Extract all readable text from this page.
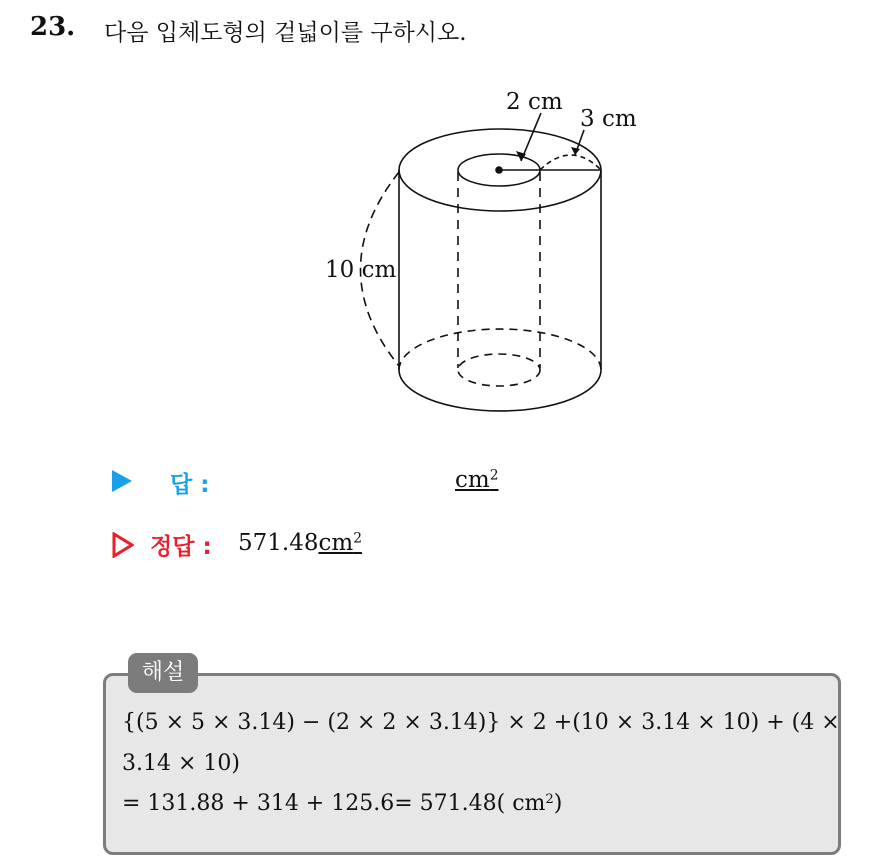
23. 다음 입체도형의 겉넓이를 구하시오.
2 cm
3 cm
10 cm
답 :	$cm^2$
정답 : $571.48cm^2$
해설
{(5 × 5 × 3.14) − (2 × 2 × 3.14)} × 2 +(10 × 3.14 × 10) + (4 ×
3.14 × 10)
= 131.88 + 314 + 125.6= 571.48( $cm^2$)
